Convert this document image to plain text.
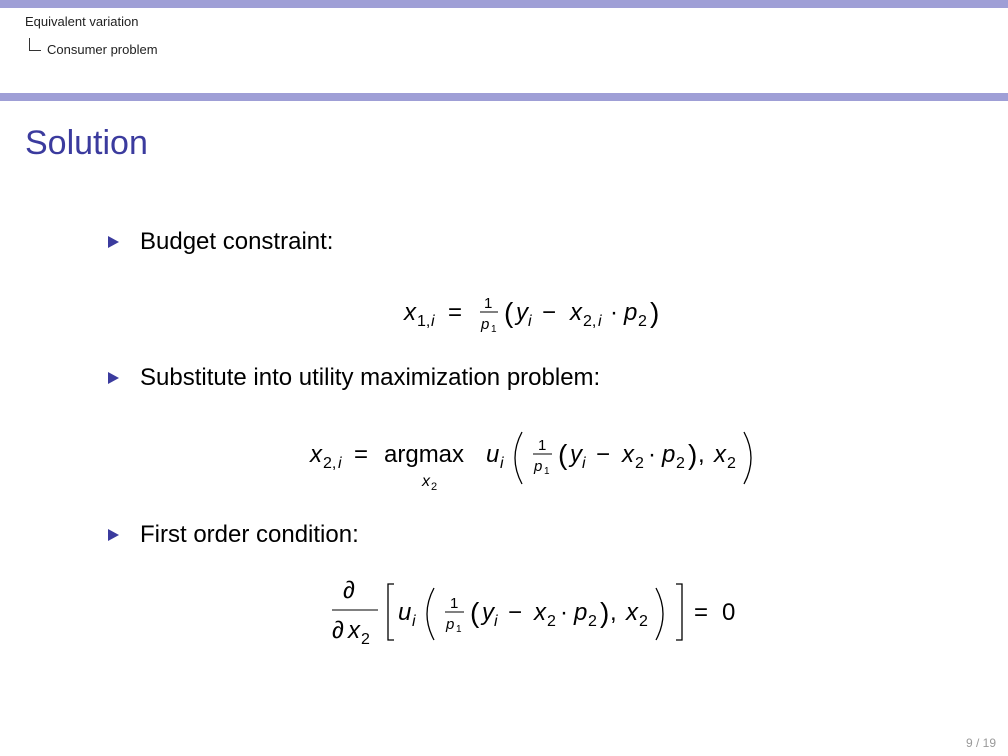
Equivalent variation
Consumer problem
Solution
Budget constraint:
x 1, i = 1
p 1
( y i − x 2, i · p 2 )
Substitute into utility maximization problem:
x 2, i = argmax
x 2
u i
1
p 1
( y i − x 2 · p 2 ) , x 2
First order condition:
∂
∂ x 2
u i
1
p 1
( y i − x 2 · p 2 ) , x 2 = 0
9 / 19
